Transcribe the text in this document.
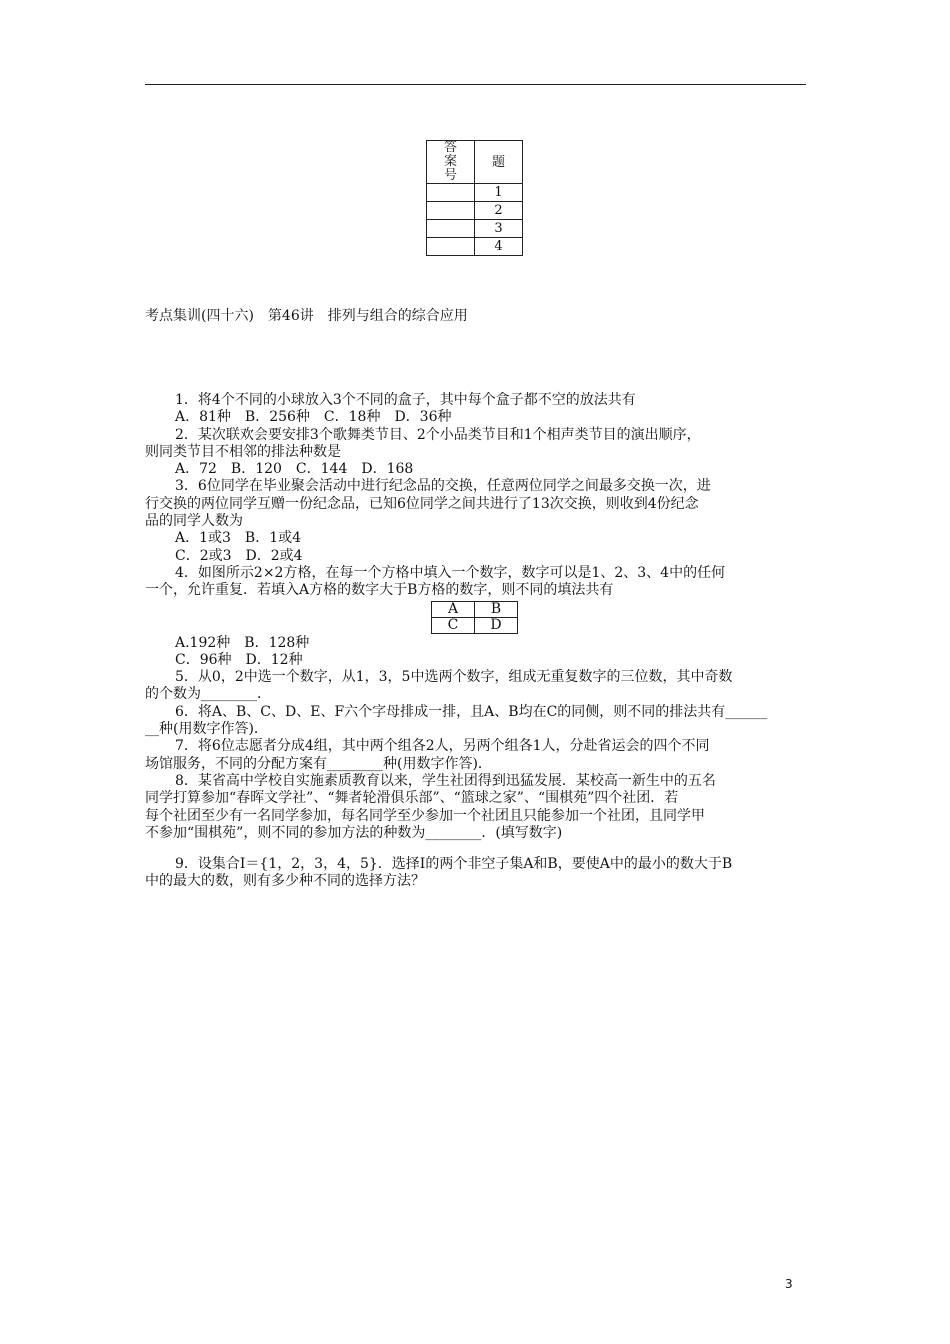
答
案
号	题
	1
	2
	3
	4
考点集训(四十六)　第46讲　排列与组合的综合应用
1．将4个不同的小球放入3个不同的盒子，其中每个盒子都不空的放法共有
A．81种　B．256种　C．18种　D．36种
2．某次联欢会要安排3个歌舞类节目、2个小品类节目和1个相声类节目的演出顺序，
则同类节目不相邻的排法种数是
A．72　B．120　C．144　D．168
3．6位同学在毕业聚会活动中进行纪念品的交换，任意两位同学之间最多交换一次，进
行交换的两位同学互赠一份纪念品，已知6位同学之间共进行了13次交换，则收到4份纪念
品的同学人数为
A．1或3　B．1或4
C．2或3　D．2或4
4．如图所示2×2方格，在每一个方格中填入一个数字，数字可以是1、2、3、4中的任何
一个，允许重复．若填入A方格的数字大于B方格的数字，则不同的填法共有
A	B
C	D
A.192种　B．128种
C．96种　D．12种
5．从0，2中选一个数字，从1，3，5中选两个数字，组成无重复数字的三位数，其中奇数
的个数为________．
6．将A、B、C、D、E、F六个字母排成一排，且A、B均在C的同侧，则不同的排法共有______
__种(用数字作答)．
7．将6位志愿者分成4组，其中两个组各2人，另两个组各1人，分赴省运会的四个不同
场馆服务，不同的分配方案有________种(用数字作答)．
8．某省高中学校自实施素质教育以来，学生社团得到迅猛发展．某校高一新生中的五名
同学打算参加“春晖文学社”、“舞者轮滑俱乐部”、“篮球之家”、“围棋苑”四个社团．若
每个社团至少有一名同学参加，每名同学至少参加一个社团且只能参加一个社团，且同学甲
不参加“围棋苑”，则不同的参加方法的种数为________．(填写数字)
9．设集合I＝{1，2，3，4，5}．选择I的两个非空子集A和B，要使A中的最小的数大于B
中的最大的数，则有多少种不同的选择方法？
3
